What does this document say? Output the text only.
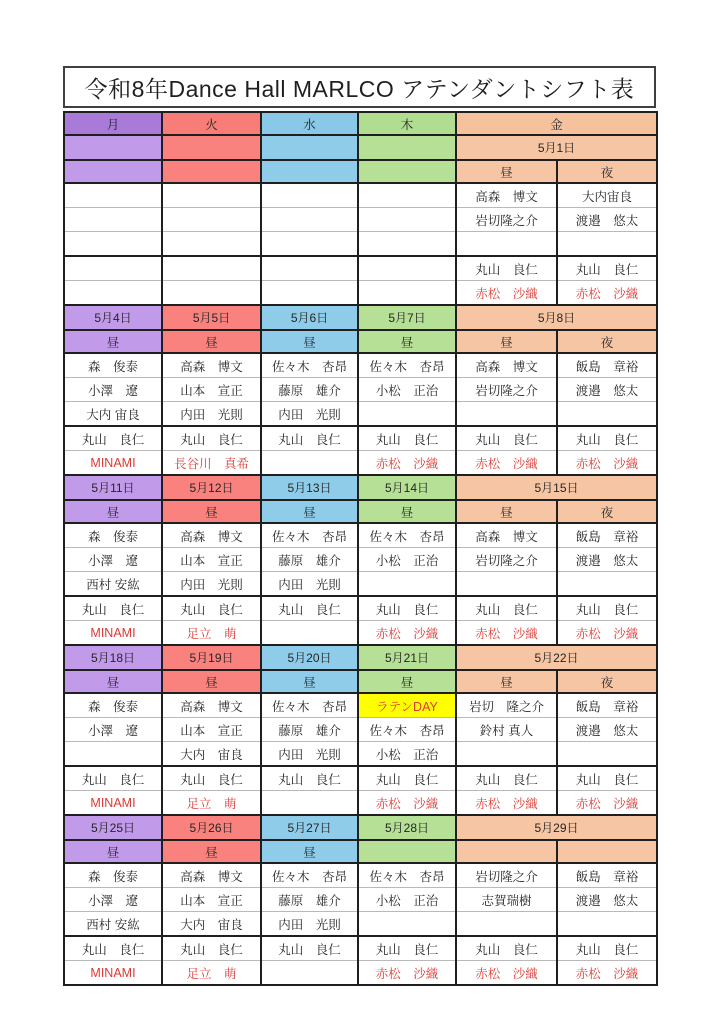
令和8年Dance Hall MARLCO アテンダントシフト表
月	火	水	木	金	
				5月1日	
				昼	夜
				高森　博文	大内宙良
				岩切隆之介	渡邉　悠太

				丸山　良仁	丸山　良仁
				赤松　沙織	赤松　沙織
5月4日	5月5日	5月6日	5月7日	5月8日	
昼	昼	昼	昼	昼	夜
森　俊泰	高森　博文	佐々木　杏昂	佐々木　杏昂	高森　博文	飯島　章裕
小澤　遼	山本　宣正	藤原　雄介	小松　正治	岩切隆之介	渡邉　悠太
大内 宙良	内田　光則	内田　光則			
丸山　良仁	丸山　良仁	丸山　良仁	丸山　良仁	丸山　良仁	丸山　良仁
MINAMI	長谷川　真希		赤松　沙織	赤松　沙織	赤松　沙織
5月11日	5月12日	5月13日	5月14日	5月15日	
昼	昼	昼	昼	昼	夜
森　俊泰	高森　博文	佐々木　杏昂	佐々木　杏昂	高森　博文	飯島　章裕
小澤　遼	山本　宣正	藤原　雄介	小松　正治	岩切隆之介	渡邉　悠太
西村 安紘	内田　光則	内田　光則			
丸山　良仁	丸山　良仁	丸山　良仁	丸山　良仁	丸山　良仁	丸山　良仁
MINAMI	足立　萌		赤松　沙織	赤松　沙織	赤松　沙織
5月18日	5月19日	5月20日	5月21日	5月22日	
昼	昼	昼	昼	昼	夜
森　俊泰	高森　博文	佐々木　杏昂	ラテンDAY	岩切　隆之介	飯島　章裕
小澤　遼	山本　宣正	藤原　雄介	佐々木　杏昂	鈴村 真人	渡邉　悠太
	大内　宙良	内田　光則	小松　正治		
丸山　良仁	丸山　良仁	丸山　良仁	丸山　良仁	丸山　良仁	丸山　良仁
MINAMI	足立　萌		赤松　沙織	赤松　沙織	赤松　沙織
5月25日	5月26日	5月27日	5月28日	5月29日	
昼	昼	昼			
森　俊泰	高森　博文	佐々木　杏昂	佐々木　杏昂	岩切隆之介	飯島　章裕
小澤　遼	山本　宣正	藤原　雄介	小松　正治	志賀瑞樹	渡邉　悠太
西村 安紘	大内　宙良	内田　光則			
丸山　良仁	丸山　良仁	丸山　良仁	丸山　良仁	丸山　良仁	丸山　良仁
MINAMI	足立　萌		赤松　沙織	赤松　沙織	赤松　沙織
